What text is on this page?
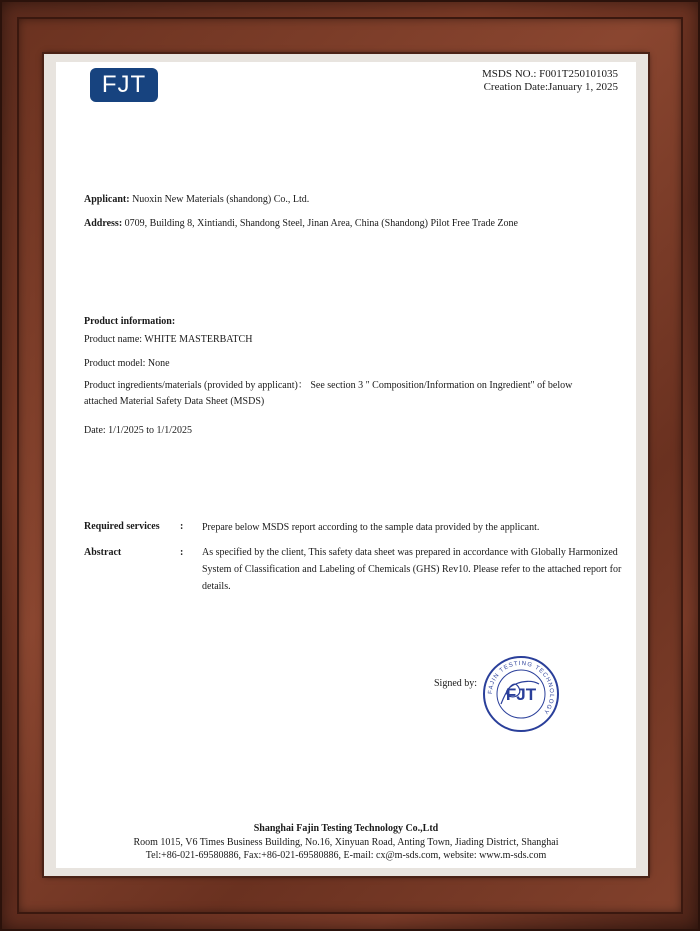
FJT	MSDS NO.: F001T250101035
Creation Date:January 1, 2025
Applicant: Nuoxin New Materials (shandong) Co., Ltd.
Address: 0709, Building 8, Xintiandi, Shandong Steel, Jinan Area, China (Shandong) Pilot Free Trade Zone
Product information:
Product name: WHITE MASTERBATCH
Product model: None
Product ingredients/materials (provided by applicant)： See section 3 " Composition/Information on Ingredient" of below attached Material Safety Data Sheet (MSDS)
Date: 1/1/2025 to 1/1/2025
Required services : Prepare below MSDS report according to the sample data provided by the applicant.
Abstract	: As specified by the client, This safety data sheet was prepared in accordance with Globally Harmonized System of Classification and Labeling of Chemicals (GHS) Rev10. Please refer to the attached report for details.
Signed by:
FAJIN TESTING TECHNOLOGY
FJT
Shanghai Fajin Testing Technology Co.,Ltd
Room 1015, V6 Times Business Building, No.16, Xinyuan Road, Anting Town, Jiading District, Shanghai
Tel:+86-021-69580886, Fax:+86-021-69580886, E-mail: cx@m-sds.com, website: www.m-sds.com
